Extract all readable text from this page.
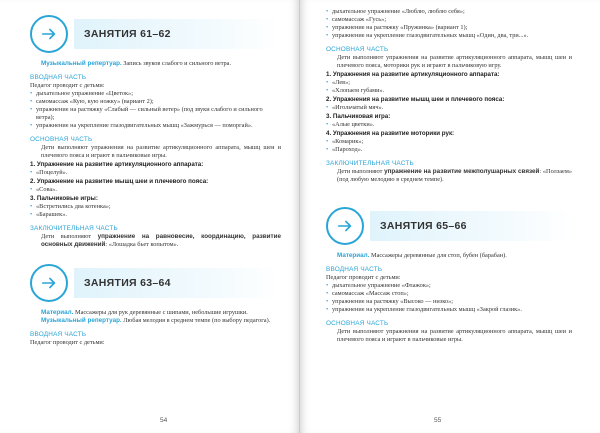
ЗАНЯТИЯ 61–62
Музыкальный репертуар. Запись звуков слабого и сильного ветра.
ВВОДНАЯ ЧАСТЬ
Педагог проводит с детьми:
• дыхательное упражнение «Цветок»;
• самомассаж «Кую, кую ножку» (вариант 2);
• упражнение на растяжку «Слабый — сильный ветер» (под звуки слабого и сильного ветра);
• упражнение на укрепление глазодвигательных мышц «Зажмурься — поморгай».
ОСНОВНАЯ ЧАСТЬ
Дети выполняют упражнения на развитие артикуляционного аппарата, мышц шеи и плечевого пояса и играют в пальчиковые игры.
1. Упражнение на развитие артикуляционного аппарата:
• «Поцелуй».
2. Упражнение на развитие мышц шеи и плечевого пояса:
• «Сова».
3. Пальчиковые игры:
• «Встретились два котенка»;
• «Барашек».
ЗАКЛЮЧИТЕЛЬНАЯ ЧАСТЬ
Дети выполняют упражнение на равновесие, координацию, развитие основных движений: «Лошадка бьет копытом».
ЗАНЯТИЯ 63–64
Материал. Массажеры для рук деревянные с шипами, небольшие игрушки.
Музыкальный репертуар. Любая мелодия в среднем темпе (по выбору педагога).
ВВОДНАЯ ЧАСТЬ
Педагог проводит с детьми:
54
• дыхательное упражнение «Люблю, люблю себя»;
• самомассаж «Гусь»;
• упражнение на растяжку «Пружинка» (вариант 1);
• упражнение на укрепление глазодвигательных мышц «Один, два, три...».
ОСНОВНАЯ ЧАСТЬ
Дети выполняют упражнения на развитие артикуляционного аппарата, мышц шеи и плечевого пояса, моторики рук и играют в пальчиковую игру.
1. Упражнения на развитие артикуляционного аппарата:
• «Лев»;
• «Хлопаем губами».
2. Упражнения на развитие мышц шеи и плечевого пояса:
• «Игольчатый мяч».
3. Пальчиковая игра:
• «Алые цветки».
4. Упражнения на развитие моторики рук:
• «Комарик»;
• «Пароход».
ЗАКЛЮЧИТЕЛЬНАЯ ЧАСТЬ
Дети выполняют упражнение на развитие межполушарных связей: «Ползаем» (под любую мелодию в среднем темпе).
ЗАНЯТИЯ 65–66
Материал. Массажеры деревянные для стоп, бубен (барабан).
ВВОДНАЯ ЧАСТЬ
Педагог проводит с детьми:
• дыхательное упражнение «Флажок»;
• самомассаж «Массаж стоп»;
• упражнение на растяжку «Высоко — низко»;
• упражнение на укрепление глазодвигательных мышц «Закрой глазик».
ОСНОВНАЯ ЧАСТЬ
Дети выполняют упражнения на развитие артикуляционного аппарата, мышц шеи и плечевого пояса и играют в пальчиковые игры.
55
